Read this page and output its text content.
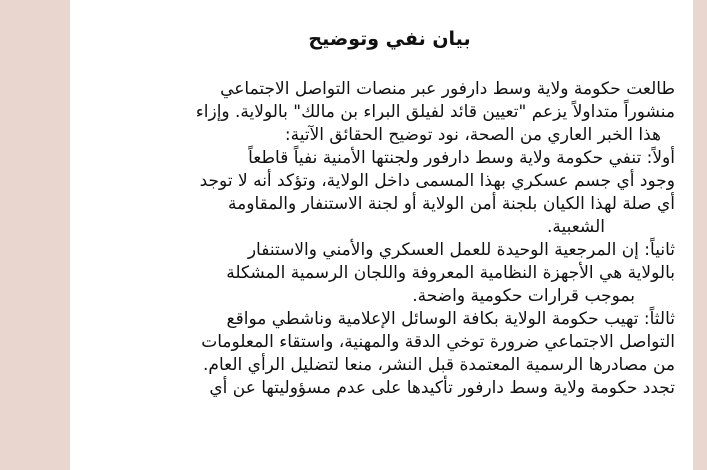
بيان نفي وتوضيح
طالعت حكومة ولاية وسط دارفور عبر منصات التواصل الاجتماعي
منشوراً متداولاً يزعم "تعيين قائد لفيلق البراء بن مالك" بالولاية. وإزاء
هذا الخبر العاري من الصحة، نود توضيح الحقائق الآتية:
أولاً: تنفي حكومة ولاية وسط دارفور ولجنتها الأمنية نفياً قاطعاً
وجود أي جسم عسكري بهذا المسمى داخل الولاية، وتؤكد أنه لا توجد
أي صلة لهذا الكيان بلجنة أمن الولاية أو لجنة الاستنفار والمقاومة
الشعبية.
ثانياً: إن المرجعية الوحيدة للعمل العسكري والأمني والاستنفار
بالولاية هي الأجهزة النظامية المعروفة واللجان الرسمية المشكلة
بموجب قرارات حكومية واضحة.
ثالثاً: تهيب حكومة الولاية بكافة الوسائل الإعلامية وناشطي مواقع
التواصل الاجتماعي ضرورة توخي الدقة والمهنية، واستقاء المعلومات
من مصادرها الرسمية المعتمدة قبل النشر، منعا لتضليل الرأي العام.
تجدد حكومة ولاية وسط دارفور تأكيدها على عدم مسؤوليتها عن أي
